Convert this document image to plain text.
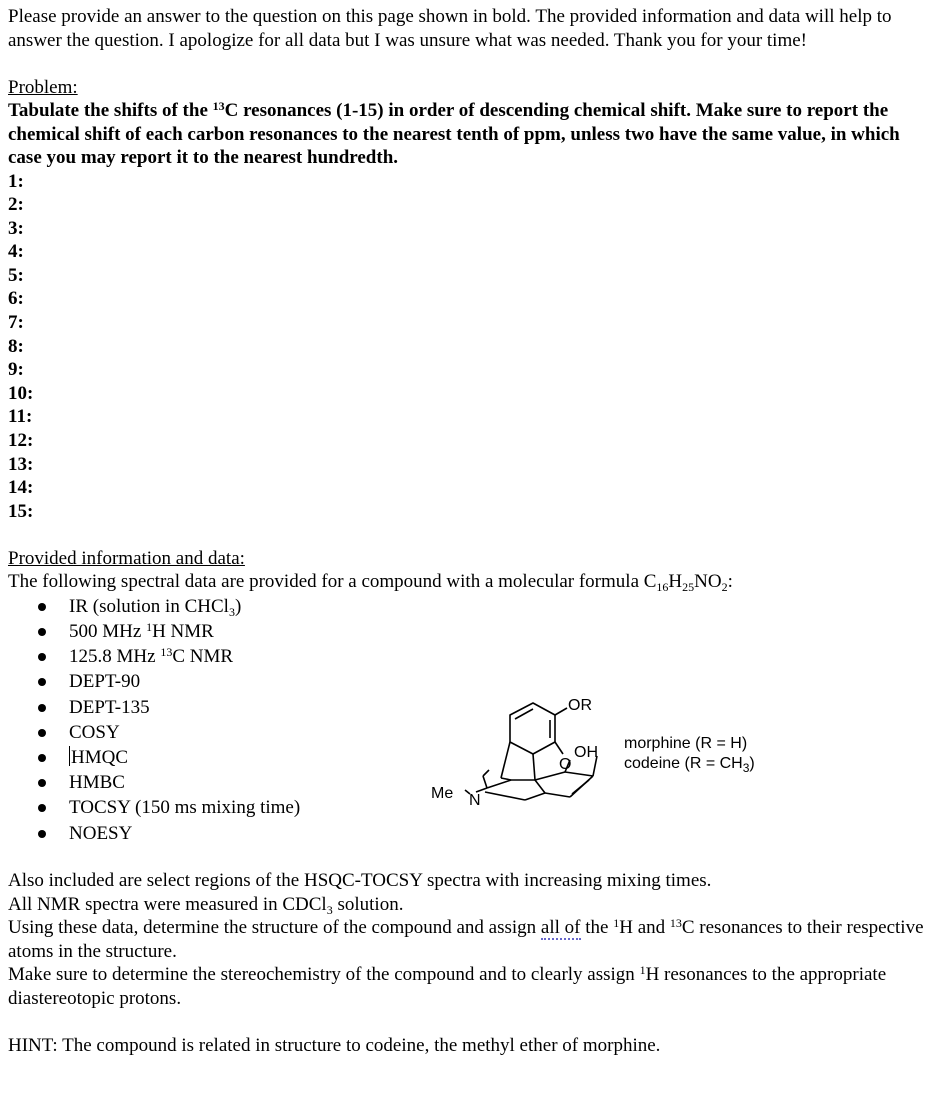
Please provide an answer to the question on this page shown in bold. The provided information and data will help to answer the question. I apologize for all data but I was unsure what was needed. Thank you for your time!

Problem:

Tabulate the shifts of the $^{13}$C resonances (1-15) in order of descending chemical shift. Make sure to report the chemical shift of each carbon resonances to the nearest tenth of ppm, unless two have the same value, in which case you may report it to the nearest hundredth.

1:
2:
3:
4:
5:
6:
7:
8:
9:
10:
11:
12:
13:
14:
15:

Provided information and data:

The following spectral data are provided for a compound with a molecular formula $C_{16}H_{25}NO_2$:

IR (solution in CHCl$_3$)
500 MHz $^1$H NMR
125.8 MHz $^{13}$C NMR
DEPT-90
DEPT-135
COSY
HMQC
HMBC
TOCSY (150 ms mixing time)
NOESY

Also included are select regions of the HSQC-TOCSY spectra with increasing mixing times.

All NMR spectra were measured in CDCl$_3$ solution.

Using these data, determine the structure of the compound and assign all of the $^1$H and $^{13}$C resonances to their respective atoms in the structure.

Make sure to determine the stereochemistry of the compound and to clearly assign $^1$H resonances to the appropriate diastereotopic protons.

HINT: The compound is related in structure to codeine, the methyl ether of morphine.

OR
OH
O
Me N
morphine (R = H)
codeine $(R = CH_3)$
